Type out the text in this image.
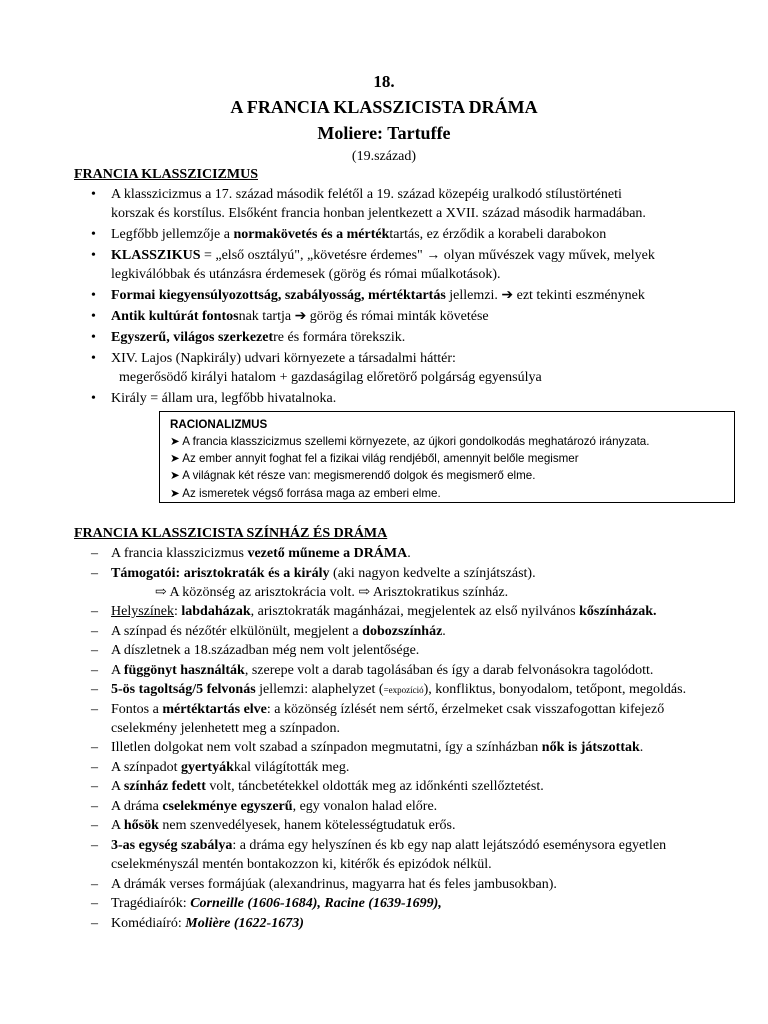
18.
A FRANCIA KLASSZICISTA DRÁMA
Moliere: Tartuffe
(19.század)
FRANCIA KLASSZICIZMUS
• A klasszicizmus a 17. század második felétől a 19. század közepéig uralkodó stílustörténeti
korszak és korstílus. Elsőként francia honban jelentkezett a XVII. század második harmadában.
• Legfőbb jellemzője a normakövetés és a mértéktartás, ez érződik a korabeli darabokon
• KLASSZIKUS = „első osztályú", „követésre érdemes" → olyan művészek vagy művek, melyek
legkiválóbbak és utánzásra érdemesek (görög és római műalkotások).
• Formai kiegyensúlyozottság, szabályosság, mértéktartás jellemzi. ➔ ezt tekinti eszménynek
• Antik kultúrát fontosnak tartja ➔ görög és római minták követése
• Egyszerű, világos szerkezetre és formára törekszik.
• XIV. Lajos (Napkirály) udvari környezete a társadalmi háttér:
megerősödő királyi hatalom + gazdaságilag előretörő polgárság egyensúlya
• Király = állam ura, legfőbb hivatalnoka.
RACIONALIZMUS
➤ A francia klasszicizmus szellemi környezete, az újkori gondolkodás meghatározó irányzata.
➤ Az ember annyit foghat fel a fizikai világ rendjéből, amennyit belőle megismer
➤ A világnak két része van: megismerendő dolgok és megismerő elme.
➤ Az ismeretek végső forrása maga az emberi elme.
FRANCIA KLASSZICISTA SZÍNHÁZ ÉS DRÁMA
– A francia klasszicizmus vezető műneme a DRÁMA.
– Támogatói: arisztokraták és a király (aki nagyon kedvelte a színjátszást).
⇨ A közönség az arisztokrácia volt. ⇨ Arisztokratikus színház.
– Helyszínek: labdaházak, arisztokraták magánházai, megjelentek az első nyilvános kőszínházak.
– A színpad és nézőtér elkülönült, megjelent a dobozszínház.
– A díszletnek a 18.században még nem volt jelentősége.
– A függönyt használták, szerepe volt a darab tagolásában és így a darab felvonásokra tagolódott.
– 5-ös tagoltság/5 felvonás jellemzi: alaphelyzet (=expozíció), konfliktus, bonyodalom, tetőpont, megoldás.
– Fontos a mértéktartás elve: a közönség ízlését nem sértő, érzelmeket csak visszafogottan kifejező
cselekmény jelenhetett meg a színpadon.
– Illetlen dolgokat nem volt szabad a színpadon megmutatni, így a színházban nők is játszottak.
– A színpadot gyertyákkal világították meg.
– A színház fedett volt, táncbetétekkel oldották meg az időnkénti szellőztetést.
– A dráma cselekménye egyszerű, egy vonalon halad előre.
– A hősök nem szenvedélyesek, hanem kötelességtudatuk erős.
– 3-as egység szabálya: a dráma egy helyszínen és kb egy nap alatt lejátszódó eseménysora egyetlen
cselekményszál mentén bontakozzon ki, kitérők és epizódok nélkül.
– A drámák verses formájúak (alexandrinus, magyarra hat és feles jambusokban).
– Tragédiaírók: Corneille (1606-1684), Racine (1639-1699),
– Komédiaíró: Molière (1622-1673)
